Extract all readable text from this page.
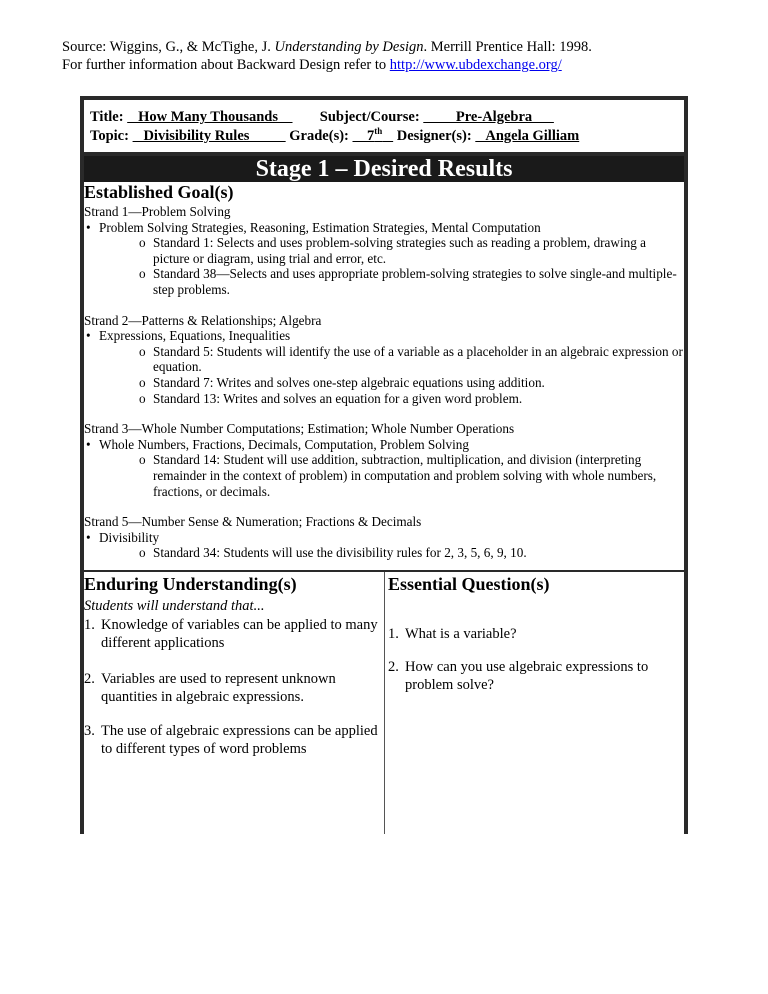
Source: Wiggins, G., & McTighe, J. Understanding by Design. Merrill Prentice Hall: 1998.
For further information about Backward Design refer to http://www.ubdexchange.org/
Title:    How Many Thousands      Subject/Course:          Pre-Algebra
Topic:    Divisibility Rules           Grade(s):     7th Designer(s):    Angela Gilliam
Stage 1 – Desired Results
Established Goal(s)
Strand 1—Problem Solving
• Problem Solving Strategies, Reasoning, Estimation Strategies, Mental Computation
o Standard 1: Selects and uses problem-solving strategies such as reading a problem, drawing a picture or diagram, using trial and error, etc.
o Standard 38—Selects and uses appropriate problem-solving strategies to solve single-and multiple-step problems.
Strand 2—Patterns & Relationships; Algebra
• Expressions, Equations, Inequalities
o Standard 5: Students will identify the use of a variable as a placeholder in an algebraic expression or equation.
o Standard 7: Writes and solves one-step algebraic equations using addition.
o Standard 13: Writes and solves an equation for a given word problem.
Strand 3—Whole Number Computations; Estimation; Whole Number Operations
• Whole Numbers, Fractions, Decimals, Computation, Problem Solving
o Standard 14: Student will use addition, subtraction, multiplication, and division (interpreting remainder in the context of problem) in computation and problem solving with whole numbers, fractions, or decimals.
Strand 5—Number Sense & Numeration; Fractions & Decimals
• Divisibility
o Standard 34: Students will use the divisibility rules for 2, 3, 5, 6, 9, 10.
Enduring Understanding(s)
Students will understand that...
1. Knowledge of variables can be applied to many different applications
2. Variables are used to represent unknown quantities in algebraic expressions.
3. The use of algebraic expressions can be applied to different types of word problems
Essential Question(s)
1. What is a variable?
2. How can you use algebraic expressions to problem solve?
